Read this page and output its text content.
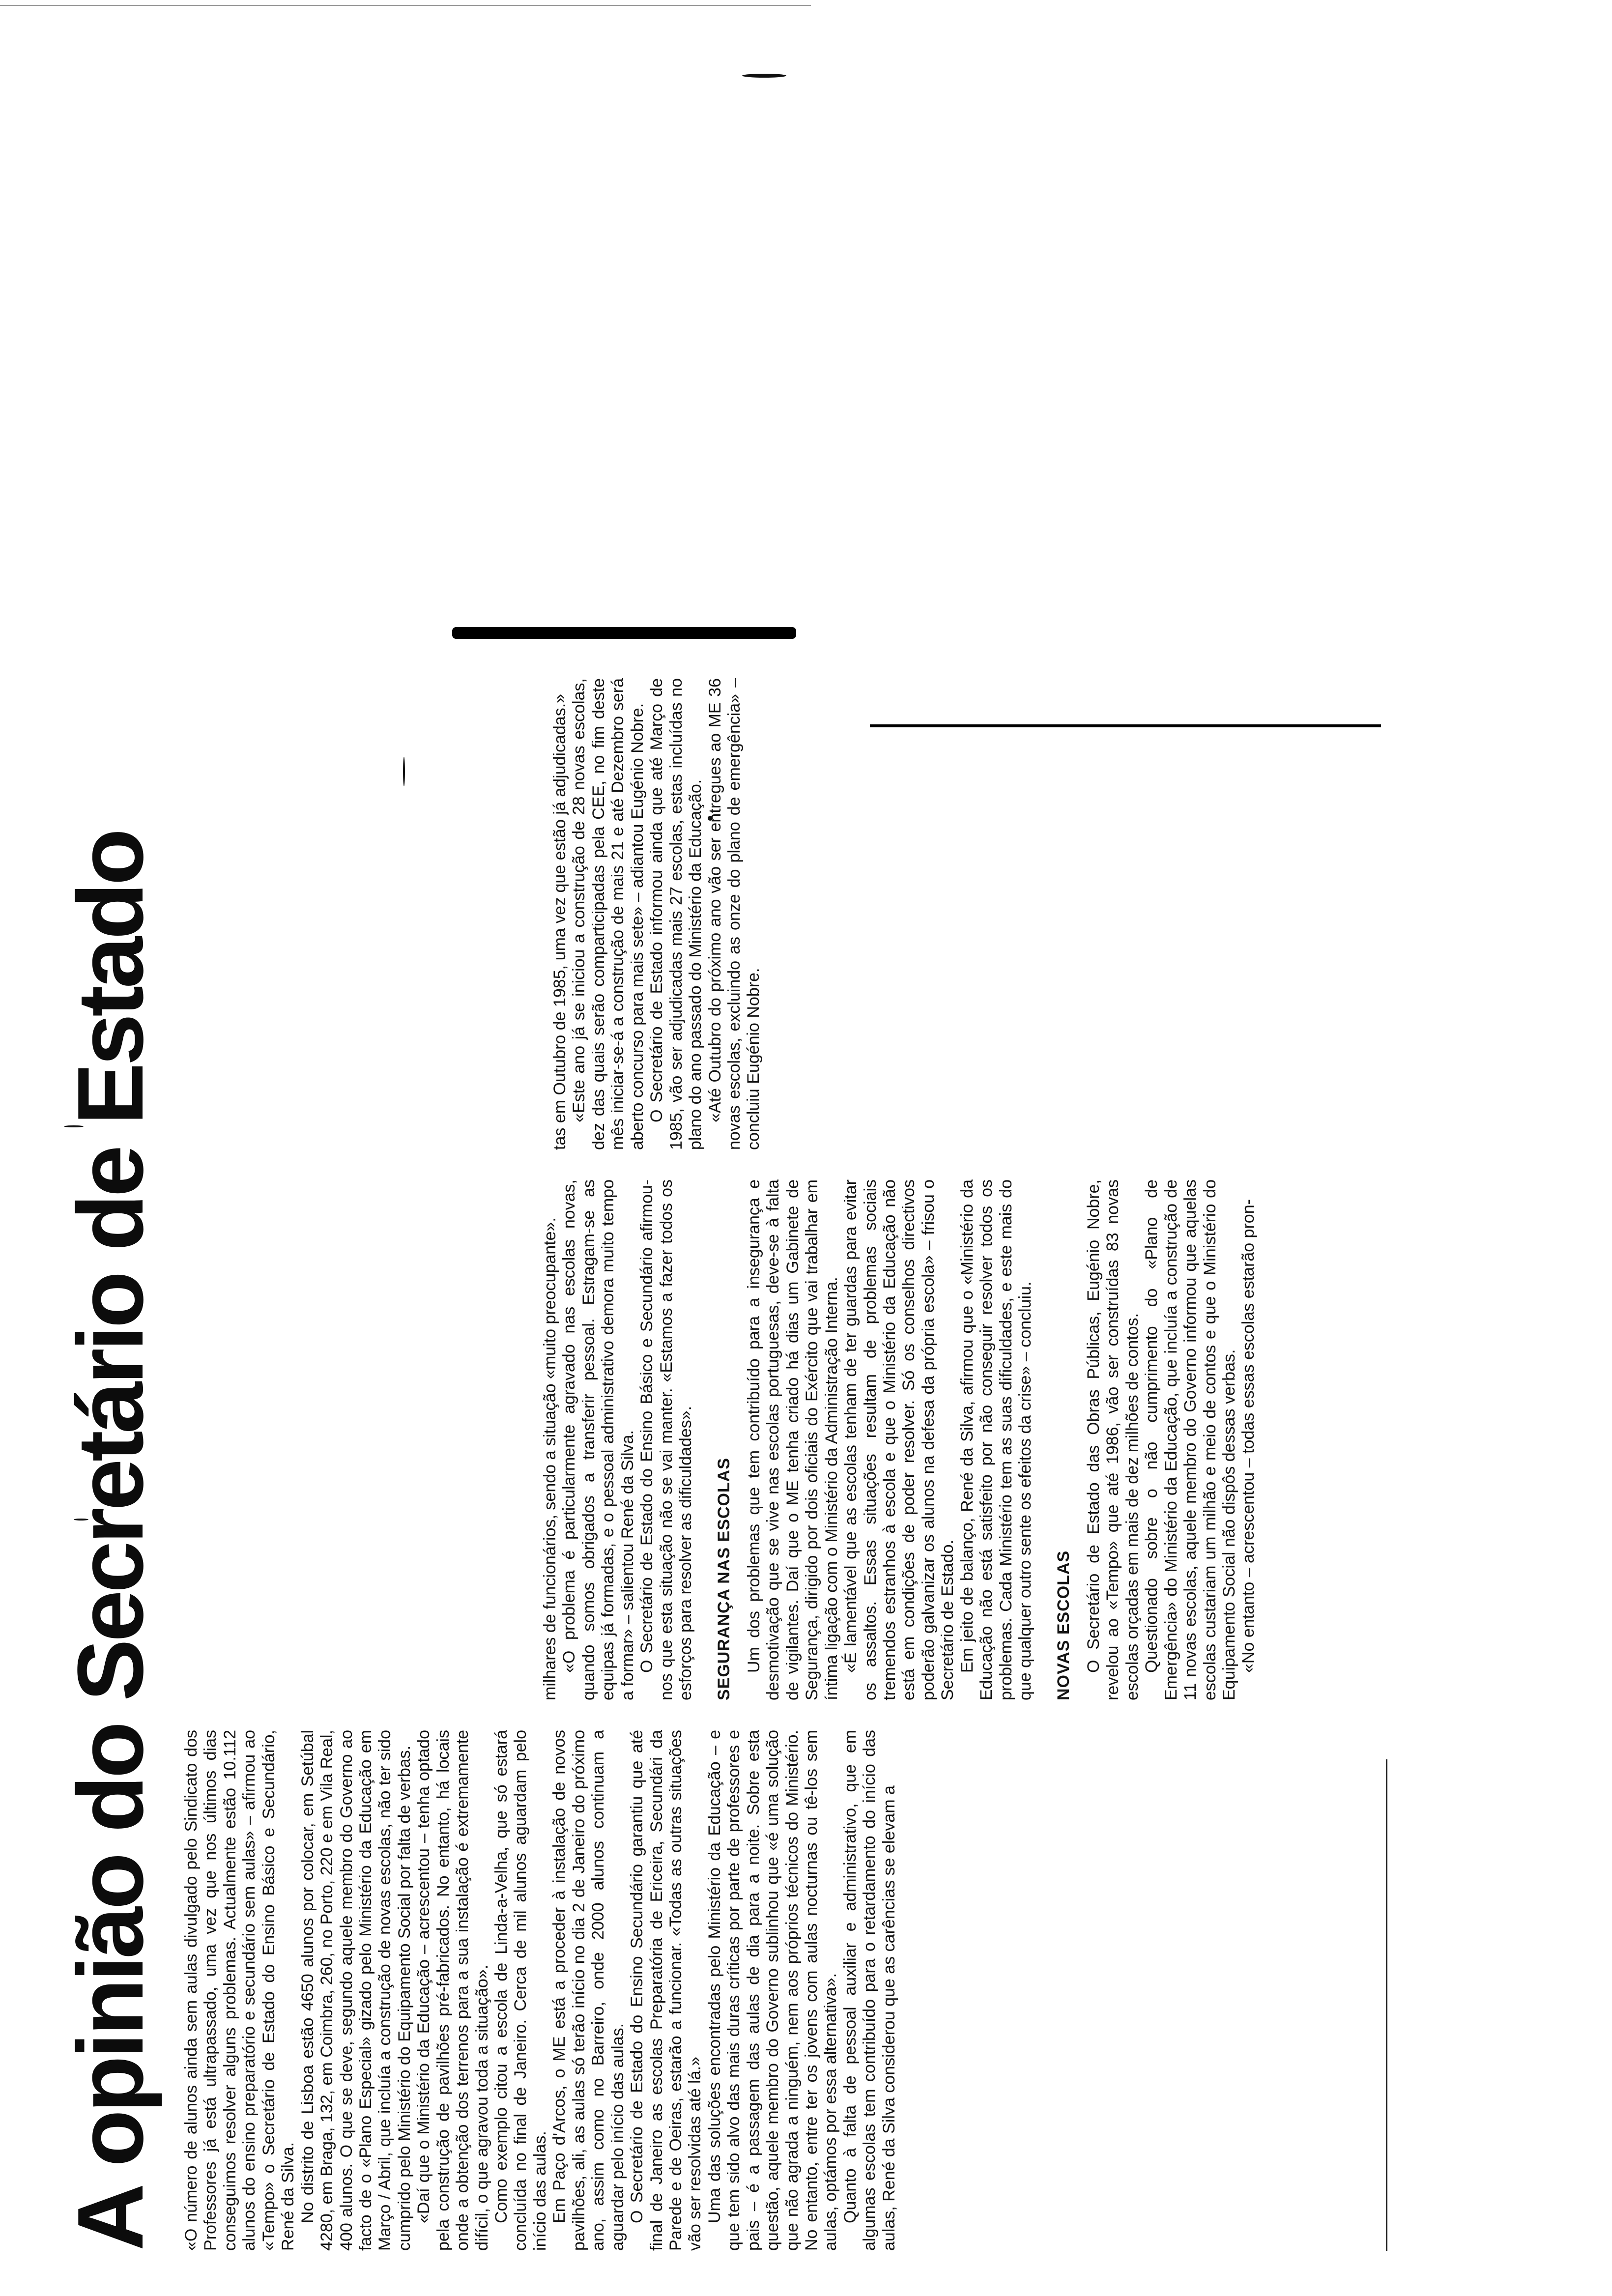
A opinião do Secretário de Estado «O número de alunos ainda sem aulas divulgado pelo Sindicato dos Professores já está ultrapassado, uma vez que nos últimos dias conseguimos resolver alguns problemas. Actualmente estão 10.112 alunos do ensino preparatório e secundário sem aulas» – afirmou ao «Tempo» o Secretário de Estado do Ensino Básico e Secundário, René da Silva. No distrito de Lisboa estão 4650 alunos por colocar, em Setúbal 4280, em Braga, 132, em Coimbra, 260, no Porto, 220 e em Vila Real, 400 alunos. O que se deve, segundo aquele membro do Governo ao facto de o «Plano Especial» gizado pelo Ministério da Educação em Março / Abril, que incluía a construção de novas escolas, não ter sido cumprido pelo Ministério do Equipamento Social por falta de verbas. «Daí que o Ministério da Educação – acrescentou – tenha optado pela construção de pavilhões pré-fabricados. No entanto, há locais onde a obtenção dos terrenos para a sua instalação é extremamente difícil, o que agravou toda a situação». Como exemplo citou a escola de Linda-a-Velha, que só estará concluída no final de Janeiro. Cerca de mil alunos aguardam pelo início das aulas. Em Paço d'Arcos, o ME está a proceder à instalação de novos pavilhões, ali, as aulas só terão início no dia 2 de Janeiro do próximo ano, assim como no Barreiro, onde 2000 alunos continuam a aguardar pelo início das aulas. O Secretário de Estado do Ensino Secundário garantiu que até final de Janeiro as escolas Preparatória de Ericeira, Secundári da Parede e de Oeiras, estarão a funcionar. «Todas as outras situações vão ser resolvidas até lá.» Uma das soluções encontradas pelo Ministério da Educação – e que tem sido alvo das mais duras críticas por parte de professores e pais – é a passagem das aulas de dia para a noite. Sobre esta questão, aquele membro do Governo sublinhou que «é uma solução que não agrada a ninguém, nem aos próprios técnicos do Ministério. No entanto, entre ter os jovens com aulas nocturnas ou tê-los sem aulas, optámos por essa alternativa». Quanto à falta de pessoal auxiliar e administrativo, que em algumas escolas tem contribuído para o retardamento do início das aulas, René da Silva considerou que as carências se elevam a

milhares de funcionários, sendo a situação «muito preocupante». «O problema é particularmente agravado nas escolas novas, quando somos obrigados a transferir pessoal. Estragam-se as equipas já formadas, e o pessoal administrativo demora muito tempo a formar» – salientou René da Silva. O Secretário de Estado do Ensino Básico e Secundário afirmou-nos que esta situação não se vai manter. «Estamos a fazer todos os esforços para resolver as dificuldades». SEGURANÇA NAS ESCOLAS Um dos problemas que tem contribuído para a insegurança e desmotivação que se vive nas escolas portuguesas, deve-se à falta de vigilantes. Daí que o ME tenha criado há dias um Gabinete de Segurança, dirigido por dois oficiais do Exército que vai trabalhar em íntima ligação com o Ministério da Administração Interna. «É lamentável que as escolas tenham de ter guardas para evitar os assaltos. Essas situações resultam de problemas sociais tremendos estranhos à escola e que o Ministério da Educação não está em condições de poder resolver. Só os conselhos directivos poderão galvanizar os alunos na defesa da própria escola» – frisou o Secretário de Estado. Em jeito de balanço, René da Silva, afirmou que o «Ministério da Educação não está satisfeito por não conseguir resolver todos os problemas. Cada Ministério tem as suas dificuldades, e este mais do que qualquer outro sente os efeitos da crise» – concluiu. NOVAS ESCOLAS O Secretário de Estado das Obras Públicas, Eugénio Nobre, revelou ao «Tempo» que até 1986, vão ser construídas 83 novas escolas orçadas em mais de dez milhões de contos. Questionado sobre o não cumprimento do «Plano de Emergência» do Ministério da Educação, que incluía a construção de 11 novas escolas, aquele membro do Governo informou que aquelas escolas custariam um milhão e meio de contos e que o Ministério do Equipamento Social não dispôs dessas verbas. «No entanto – acrescentou – todas essas escolas estarão pron-

tas em Outubro de 1985, uma vez que estão já adjudicadas.» «Este ano já se iniciou a construção de 28 novas escolas, dez das quais serão comparticipadas pela CEE, no fim deste mês iniciar-se-á a construção de mais 21 e até Dezembro será aberto concurso para mais sete» – adiantou Eugénio Nobre. O Secretário de Estado informou ainda que até Março de 1985, vão ser adjudicadas mais 27 escolas, estas incluídas no plano do ano passado do Ministério da Educação. «Até Outubro do próximo ano vão ser entregues ao ME 36 novas escolas, excluindo as onze do plano de emergência» – concluiu Eugénio Nobre.
